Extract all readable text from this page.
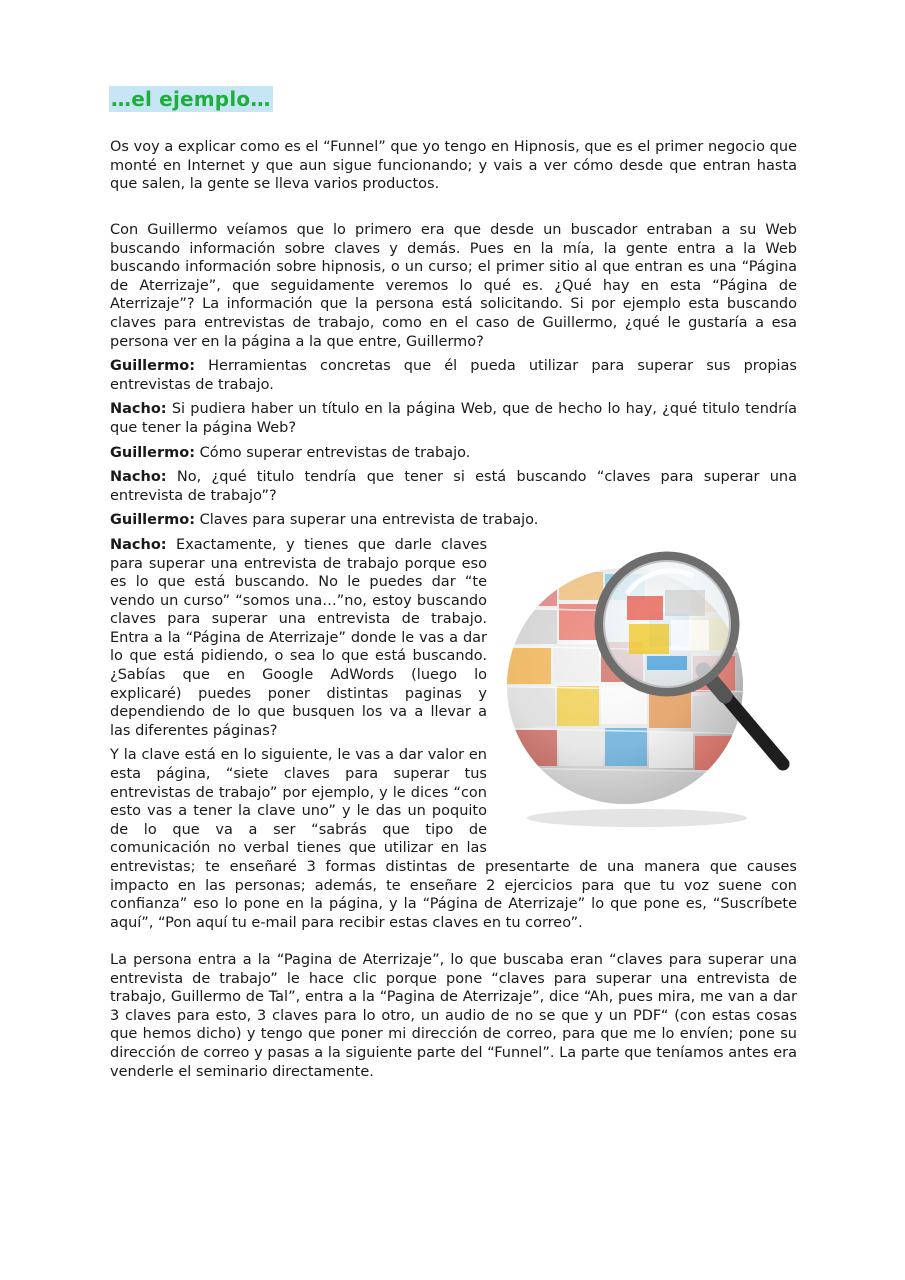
…el ejemplo…

Os voy a explicar como es el “Funnel” que yo tengo en Hipnosis, que es el primer negocio que monté en Internet y que aun sigue funcionando; y vais a ver cómo desde que entran hasta que salen, la gente se lleva varios productos.

Con Guillermo veíamos que lo primero era que desde un buscador entraban a su Web buscando información sobre claves y demás. Pues en la mía, la gente entra a la Web buscando información sobre hipnosis, o un curso; el primer sitio al que entran es una “Página de Aterrizaje”, que seguidamente veremos lo qué es. ¿Qué hay en esta “Página de Aterrizaje”? La información que la persona está solicitando. Si por ejemplo esta buscando claves para entrevistas de trabajo, como en el caso de Guillermo, ¿qué le gustaría a esa persona ver en la página a la que entre, Guillermo?

Guillermo: Herramientas concretas que él pueda utilizar para superar sus propias entrevistas de trabajo.

Nacho: Si pudiera haber un título en la página Web, que de hecho lo hay, ¿qué titulo tendría que tener la página Web?

Guillermo: Cómo superar entrevistas de trabajo.

Nacho: No, ¿qué titulo tendría que tener si está buscando “claves para superar una entrevista de trabajo”?

Guillermo: Claves para superar una entrevista de trabajo.

Nacho: Exactamente, y tienes que darle claves para superar una entrevista de trabajo porque eso es lo que está buscando. No le puedes dar “te vendo un curso” “somos una…”no, estoy buscando claves para superar una entrevista de trabajo. Entra a la “Página de Aterrizaje” donde le vas a dar lo que está pidiendo, o sea lo que está buscando. ¿Sabías que en Google AdWords (luego lo explicaré) puedes poner distintas paginas y dependiendo de lo que busquen los va a llevar a las diferentes páginas?

Y la clave está en lo siguiente, le vas a dar valor en esta página, “siete claves para superar tus entrevistas de trabajo” por ejemplo, y le dices “con esto vas a tener la clave uno” y le das un poquito de lo que va a ser “sabrás que tipo de comunicación no verbal tienes que utilizar en las entrevistas; te enseñaré 3 formas distintas de presentarte de una manera que causes impacto en las personas; además, te enseñare 2 ejercicios para que tu voz suene con confianza” eso lo pone en la página, y la “Página de Aterrizaje” lo que pone es, “Suscríbete aquí”, “Pon aquí tu e-mail para recibir estas claves en tu correo”.

La persona entra a la “Pagina de Aterrizaje”, lo que buscaba eran “claves para superar una entrevista de trabajo” le hace clic porque pone “claves para superar una entrevista de trabajo, Guillermo de Tal”, entra a la “Pagina de Aterrizaje”, dice “Ah, pues mira, me van a dar 3 claves para esto, 3 claves para lo otro, un audio de no se que y un PDF“ (con estas cosas que hemos dicho) y tengo que poner mi dirección de correo, para que me lo envíen; pone su dirección de correo y pasas a la siguiente parte del “Funnel”. La parte que teníamos antes era venderle el seminario directamente.
